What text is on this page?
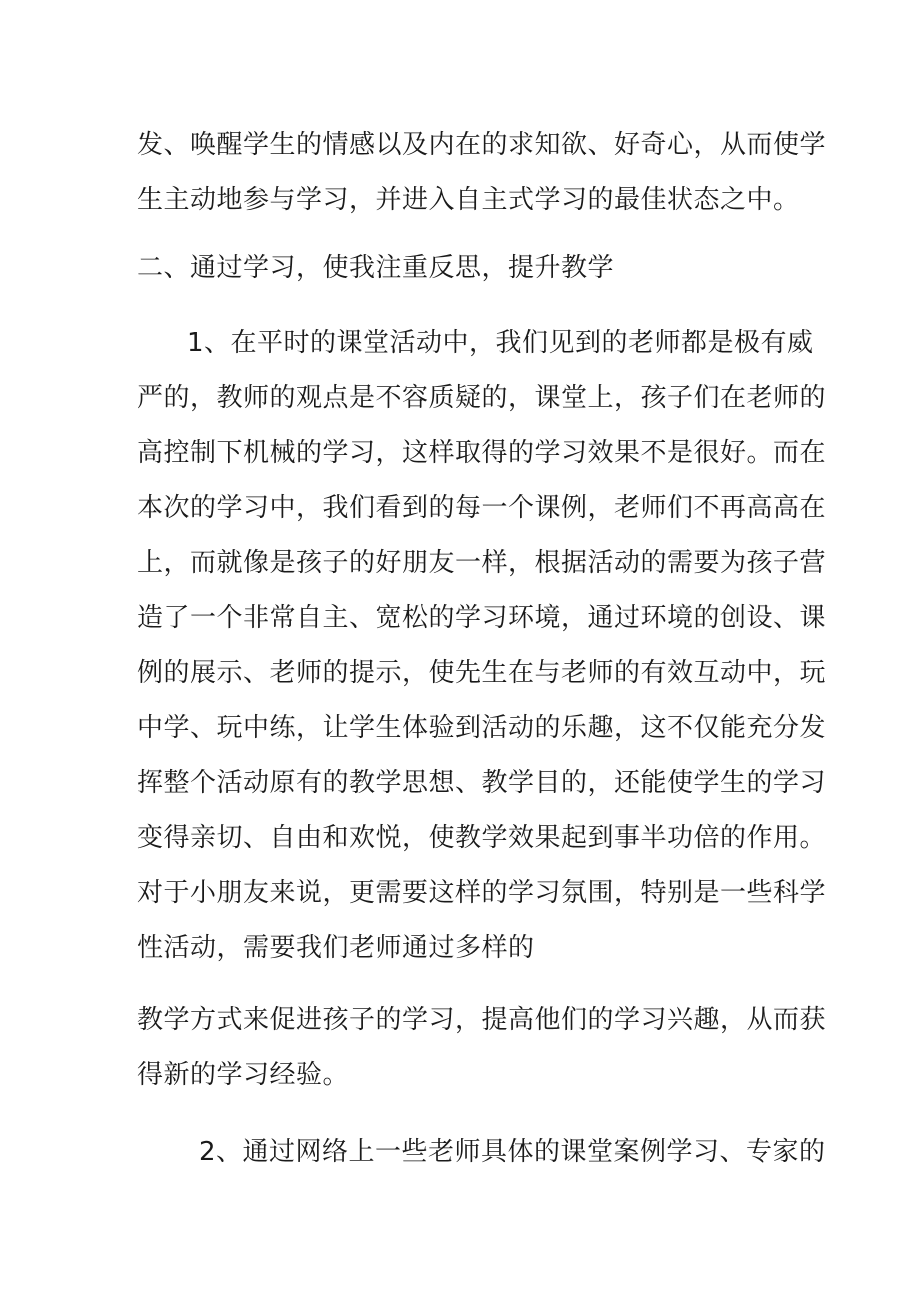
发、唤醒学生的情感以及内在的求知欲、好奇心，从而使学
生主动地参与学习，并进入自主式学习的最佳状态之中。
二、通过学习，使我注重反思，提升教学
1、在平时的课堂活动中，我们见到的老师都是极有威
严的，教师的观点是不容质疑的，课堂上，孩子们在老师的
高控制下机械的学习，这样取得的学习效果不是很好。而在
本次的学习中，我们看到的每一个课例，老师们不再高高在
上，而就像是孩子的好朋友一样，根据活动的需要为孩子营
造了一个非常自主、宽松的学习环境，通过环境的创设、课
例的展示、老师的提示，使先生在与老师的有效互动中，玩
中学、玩中练，让学生体验到活动的乐趣，这不仅能充分发
挥整个活动原有的教学思想、教学目的，还能使学生的学习
变得亲切、自由和欢悦，使教学效果起到事半功倍的作用。
对于小朋友来说，更需要这样的学习氛围，特别是一些科学
性活动，需要我们老师通过多样的
教学方式来促进孩子的学习，提高他们的学习兴趣，从而获
得新的学习经验。
2、通过网络上一些老师具体的课堂案例学习、专家的
